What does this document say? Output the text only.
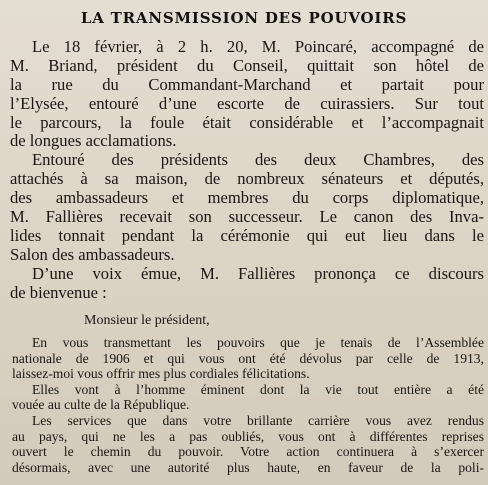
LA TRANSMISSION DES POUVOIRS
Le 18 février, à 2 h. 20, M. Poincaré, accompagné de
M. Briand, président du Conseil, quittait son hôtel de
la rue du Commandant-Marchand et partait pour
l’Elysée, entouré d’une escorte de cuirassiers. Sur tout
le parcours, la foule était considérable et l’accompagnait
de longues acclamations.
Entouré des présidents des deux Chambres, des
attachés à sa maison, de nombreux sénateurs et députés,
des ambassadeurs et membres du corps diplomatique,
M. Fallières recevait son successeur. Le canon des Inva-
lides tonnait pendant la cérémonie qui eut lieu dans le
Salon des ambassadeurs.
D’une voix émue, M. Fallières prononça ce discours
de bienvenue :
Monsieur le président,
En vous transmettant les pouvoirs que je tenais de l’Assemblée
nationale de 1906 et qui vous ont été dévolus par celle de 1913,
laissez-moi vous offrir mes plus cordiales félicitations.
Elles vont à l’homme éminent dont la vie tout entière a été
vouée au culte de la République.
Les services que dans votre brillante carrière vous avez rendus
au pays, qui ne les a pas oubliés, vous ont à différentes reprises
ouvert le chemin du pouvoir. Votre action continuera à s’exercer
désormais, avec une autorité plus haute, en faveur de la poli-
